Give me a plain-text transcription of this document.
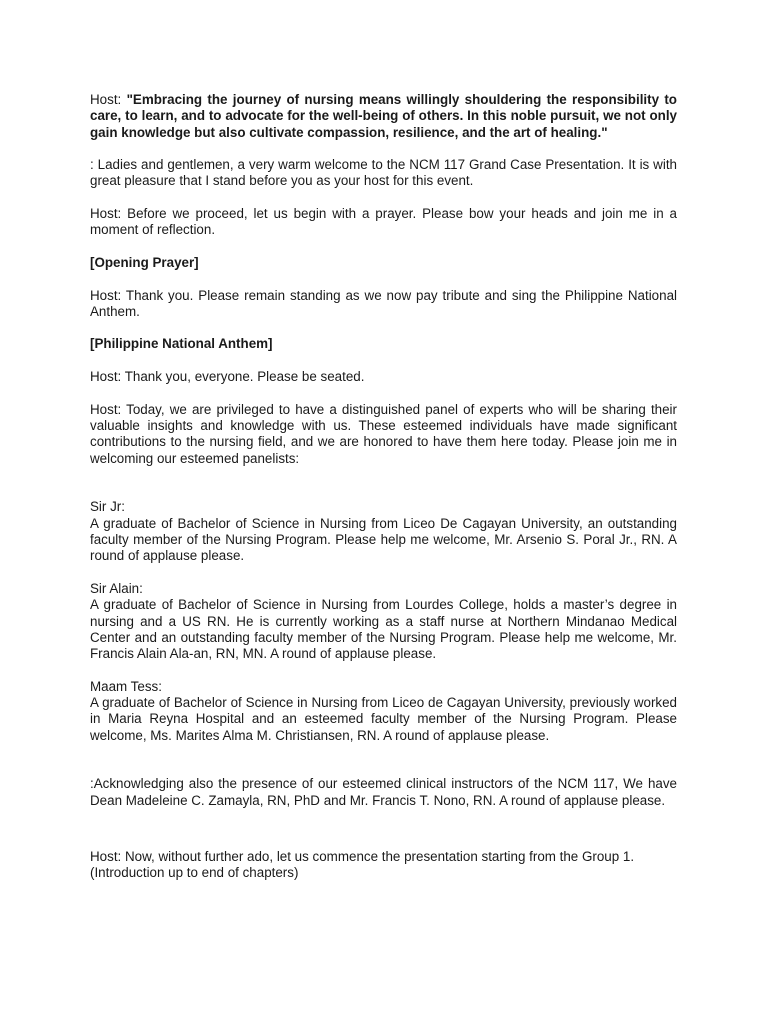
Host: "Embracing the journey of nursing means willingly shouldering the responsibility to care, to learn, and to advocate for the well-being of others. In this noble pursuit, we not only gain knowledge but also cultivate compassion, resilience, and the art of healing."

: Ladies and gentlemen, a very warm welcome to the NCM 117 Grand Case Presentation. It is with great pleasure that I stand before you as your host for this event.

Host: Before we proceed, let us begin with a prayer. Please bow your heads and join me in a moment of reflection.

[Opening Prayer]

Host: Thank you. Please remain standing as we now pay tribute and sing the Philippine National Anthem.

[Philippine National Anthem]

Host: Thank you, everyone. Please be seated.

Host: Today, we are privileged to have a distinguished panel of experts who will be sharing their valuable insights and knowledge with us. These esteemed individuals have made significant contributions to the nursing field, and we are honored to have them here today. Please join me in welcoming our esteemed panelists:

Sir Jr:

A graduate of Bachelor of Science in Nursing from Liceo De Cagayan University, an outstanding faculty member of the Nursing Program. Please help me welcome, Mr. Arsenio S. Poral Jr., RN. A round of applause please.

Sir Alain:

A graduate of Bachelor of Science in Nursing from Lourdes College, holds a master’s degree in nursing and a US RN. He is currently working as a staff nurse at Northern Mindanao Medical Center and an outstanding faculty member of the Nursing Program. Please help me welcome, Mr. Francis Alain Ala-an, RN, MN. A round of applause please.

Maam Tess:

A graduate of Bachelor of Science in Nursing from Liceo de Cagayan University, previously worked in Maria Reyna Hospital and an esteemed faculty member of the Nursing Program. Please welcome, Ms. Marites Alma M. Christiansen, RN. A round of applause please.

:Acknowledging also the presence of our esteemed clinical instructors of the NCM 117, We have Dean Madeleine C. Zamayla, RN, PhD and Mr. Francis T. Nono, RN. A round of applause please.

Host: Now, without further ado, let us commence the presentation starting from the Group 1.

(Introduction up to end of chapters)
